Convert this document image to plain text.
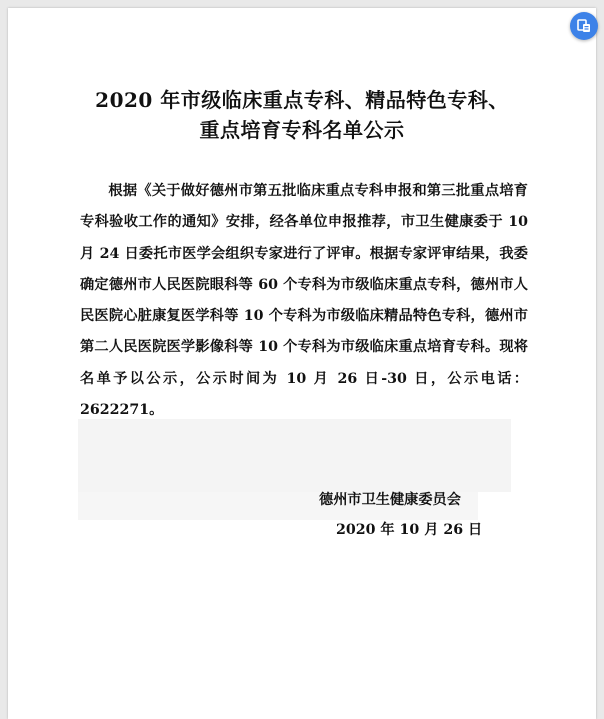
2020 年市级临床重点专科、精品特色专科、
重点培育专科名单公示

根据《关于做好德州市第五批临床重点专科申报和第三批重点培育专科验收工作的通知》安排，经各单位申报推荐，市卫生健康委于 10 月 24 日委托市医学会组织专家进行了评审。根据专家评审结果，我委确定德州市人民医院眼科等 60 个专科为市级临床重点专科，德州市人民医院心脏康复医学科等 10 个专科为市级临床精品特色专科，德州市第二人民医院医学影像科等 10 个专科为市级临床重点培育专科。现将名单予以公示，公示时间为 10 月 26 日-30 日，公示电话：2622271。

德州市卫生健康委员会
2020 年 10 月 26 日
